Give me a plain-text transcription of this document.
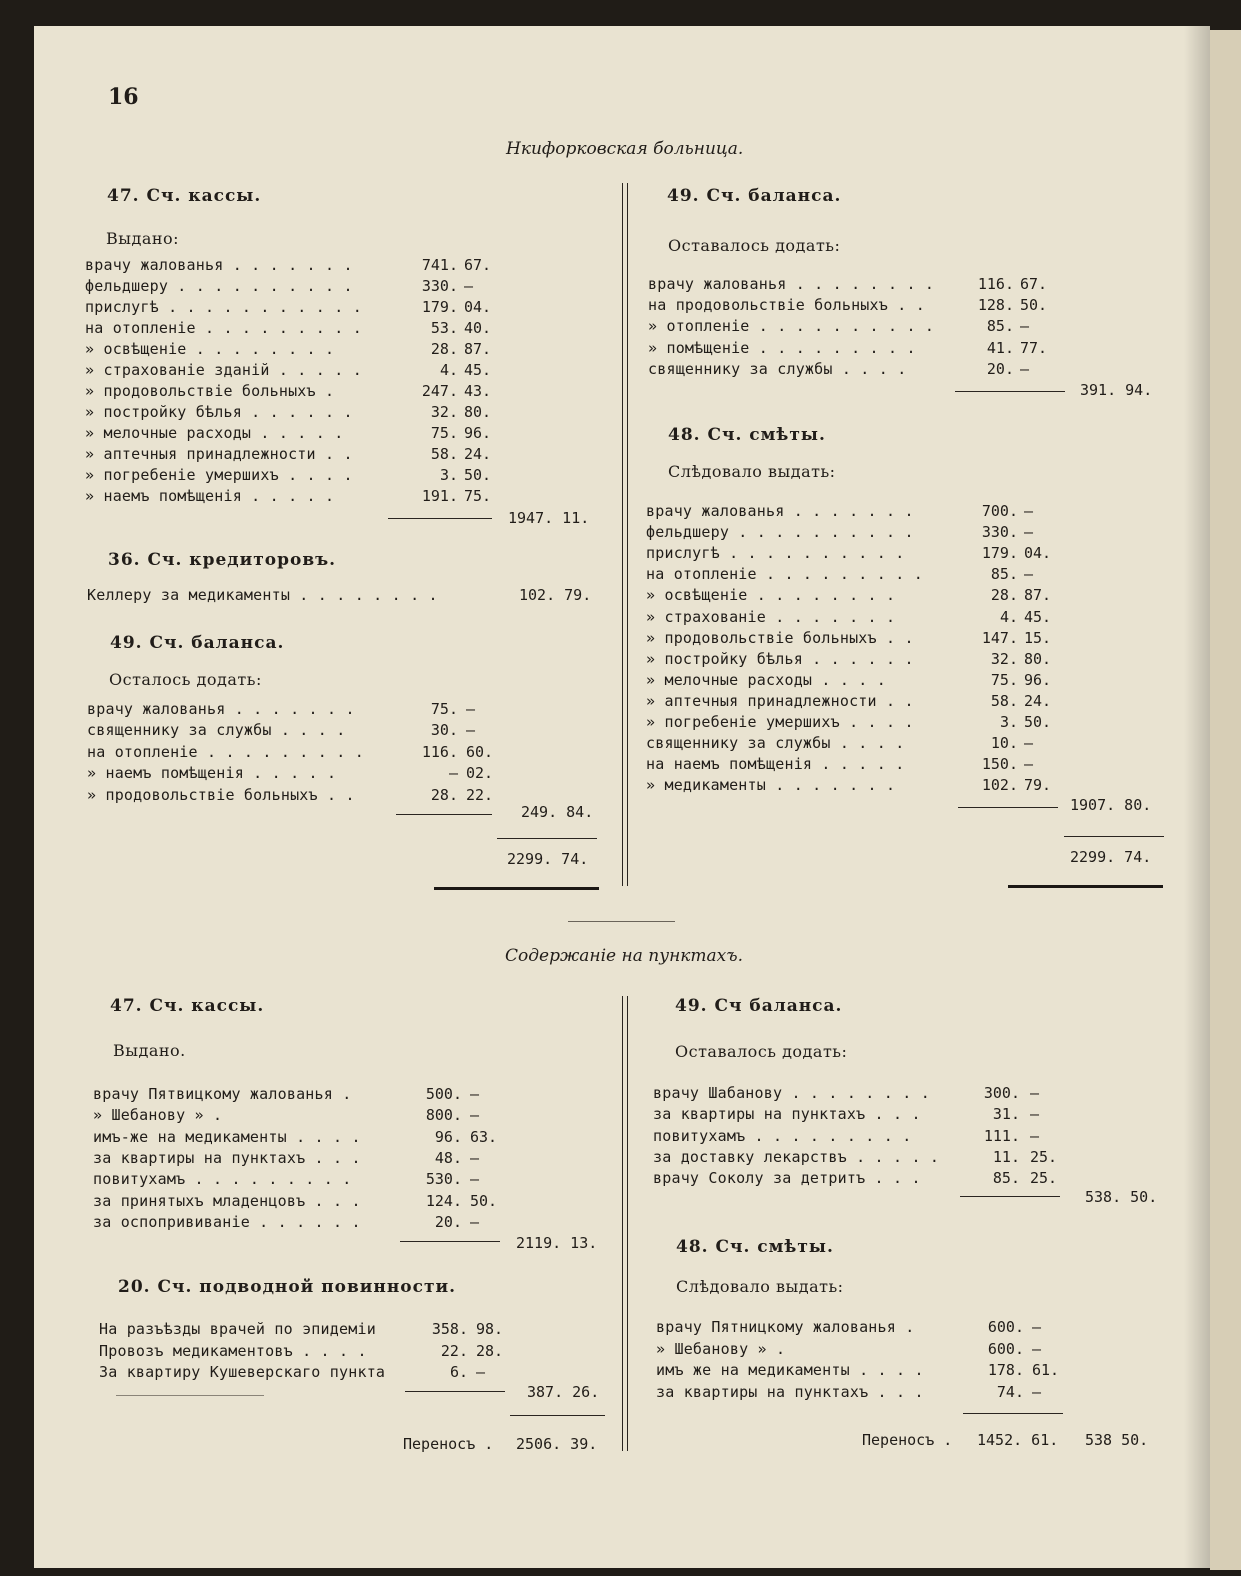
16
Нкифорковская больница.
47. Сч. кассы.
Выдано:
врачу жалованья . . . . . . .	741. 67.
фельдшеру . . . . . . . . . .	330. —
прислугѣ . . . . . . . . . . .	179. 04.
на отопленіе . . . . . . . . .	53. 40.
» освѣщеніе . . . . . . . .	28. 87.
» страхованіе зданій . . . . .	4. 45.
» продовольствіе больныхъ .	247. 43.
» постройку бѣлья . . . . . .	32. 80.
» мелочные расходы . . . . .	75. 96.
» аптечныя принадлежности . .	58. 24.
» погребеніе умершихъ . . . .	3. 50.
» наемъ помѣщенія . . . . .	191. 75.
1947. 11.
36. Сч. кредиторовъ.
Келлеру за медикаменты . . . . . . . .	102. 79.
49. Сч. баланса.
Осталось додать:
врачу жалованья . . . . . . .	75. —
священнику за службы . . . .	30. —
на отопленіе . . . . . . . . .	116. 60.
» наемъ помѣщенія . . . . .	— 02.
» продовольствіе больныхъ . .	28. 22.
249. 84.
2299. 74.
49. Сч. баланса.
Оставалось додать:
врачу жалованья . . . . . . . .	116. 67.
на продовольствіе больныхъ . .	128. 50.
» отопленіе . . . . . . . . . .	85. —
» помѣщеніе . . . . . . . . .	41. 77.
священнику за службы . . . .	20. —
391. 94.
48. Сч. смѣты.
Слѣдовало выдать:
врачу жалованья . . . . . . .	700. —
фельдшеру . . . . . . . . . .	330. —
прислугѣ . . . . . . . . . .	179. 04.
на отопленіе . . . . . . . . .	85. —
» освѣщеніе . . . . . . . .	28. 87.
» страхованіе . . . . . . .	4. 45.
» продовольствіе больныхъ . .	147. 15.
» постройку бѣлья . . . . . .	32. 80.
» мелочные расходы . . . .	75. 96.
» аптечныя принадлежности . .	58. 24.
» погребеніе умершихъ . . . .	3. 50.
священнику за службы . . . .	10. —
на наемъ помѣщенія . . . . .	150. —
» медикаменты . . . . . . .	102. 79.
1907. 80.
2299. 74.
Содержаніе на пунктахъ.
47. Сч. кассы.
Выдано.
врачу Пятвицкому жалованья .	500. —
» Шебанову » .	800. —
имъ-же на медикаменты . . . .	96. 63.
за квартиры на пунктахъ . . .	48. —
повитухамъ . . . . . . . . .	530. —
за принятыхъ младенцовъ . . .	124. 50.
за оспопрививаніе . . . . . .	20. —
2119. 13.
20. Сч. подводной повинности.
На разъѣзды врачей по эпидеміи	358. 98.
Провозъ медикаментовъ . . . .	22. 28.
За квартиру Кушеверскаго пункта	6. —
387. 26.
Переносъ . 2506. 39.
49. Сч баланса.
Оставалось додать:
врачу Шабанову . . . . . . . .	300. —
за квартиры на пунктахъ . . .	31. —
повитухамъ . . . . . . . . .	111. —
за доставку лекарствъ . . . . .	11. 25.
врачу Соколу за детритъ . . .	85. 25.
538. 50.
48. Сч. смѣты.
Слѣдовало выдать:
врачу Пятницкому жалованья .	600. —
» Шебанову » .	600. —
имъ же на медикаменты . . . .	178. 61.
за квартиры на пунктахъ . . .	74. —
Переносъ . 1452. 61. 538 50.
